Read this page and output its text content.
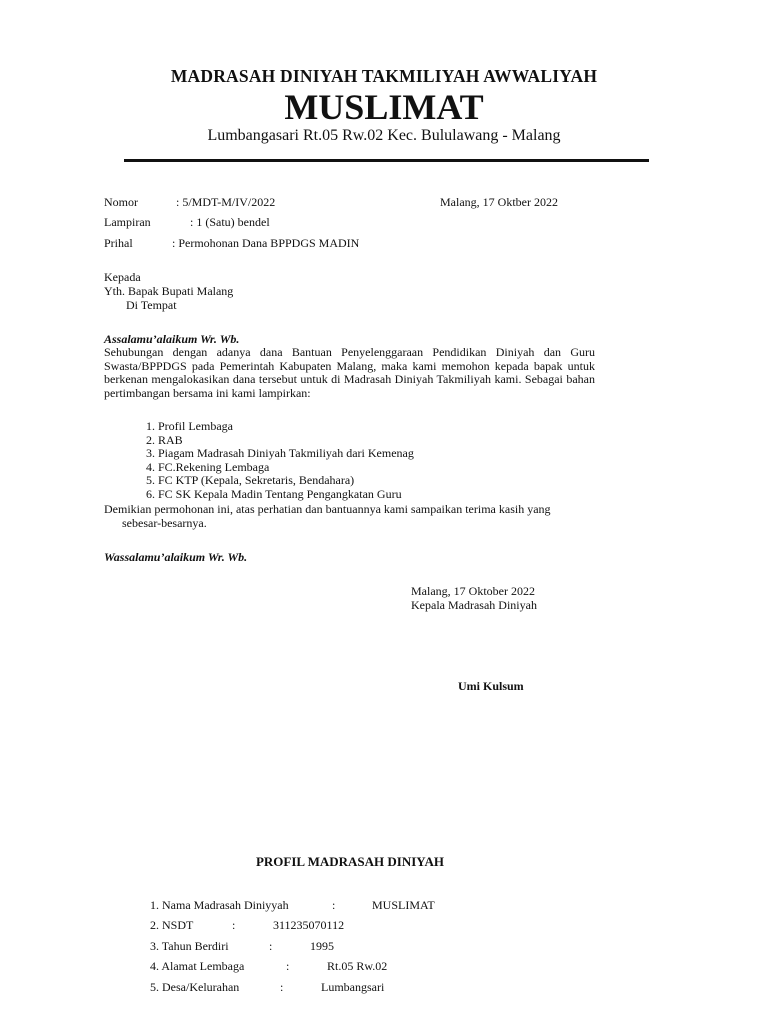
MADRASAH DINIYAH TAKMILIYAH AWWALIYAH
MUSLIMAT
Lumbangasari Rt.05 Rw.02 Kec. Bululawang - Malang
Nomor	: 5/MDT-M/IV/2022	Malang, 17 Oktber 2022
Lampiran	: 1 (Satu) bendel
Prihal	: Permohonan Dana BPPDGS MADIN
Kepada
Yth. Bapak Bupati Malang
Di Tempat
Assalamu’alaikum Wr. Wb.
Sehubungan dengan adanya dana Bantuan Penyelenggaraan Pendidikan Diniyah dan Guru Swasta/BPPDGS pada Pemerintah Kabupaten Malang, maka kami memohon kepada bapak untuk berkenan mengalokasikan dana tersebut untuk di Madrasah Diniyah Takmiliyah kami. Sebagai bahan pertimbangan bersama ini kami lampirkan:
1. Profil Lembaga
2. RAB
3. Piagam Madrasah Diniyah Takmiliyah dari Kemenag
4. FC.Rekening Lembaga
5. FC KTP (Kepala, Sekretaris, Bendahara)
6. FC SK Kepala Madin Tentang Pengangkatan Guru
Demikian permohonan ini, atas perhatian dan bantuannya kami sampaikan terima kasih yang
sebesar-besarnya.
Wassalamu’alaikum Wr. Wb.
Malang, 17 Oktober 2022
Kepala Madrasah Diniyah
Umi Kulsum
PROFIL MADRASAH DINIYAH
1. Nama Madrasah Diniyyah	:	MUSLIMAT
2. NSDT	:	311235070112
3. Tahun Berdiri	:	1995
4. Alamat Lembaga	:	Rt.05 Rw.02
5. Desa/Kelurahan	:	Lumbangsari
